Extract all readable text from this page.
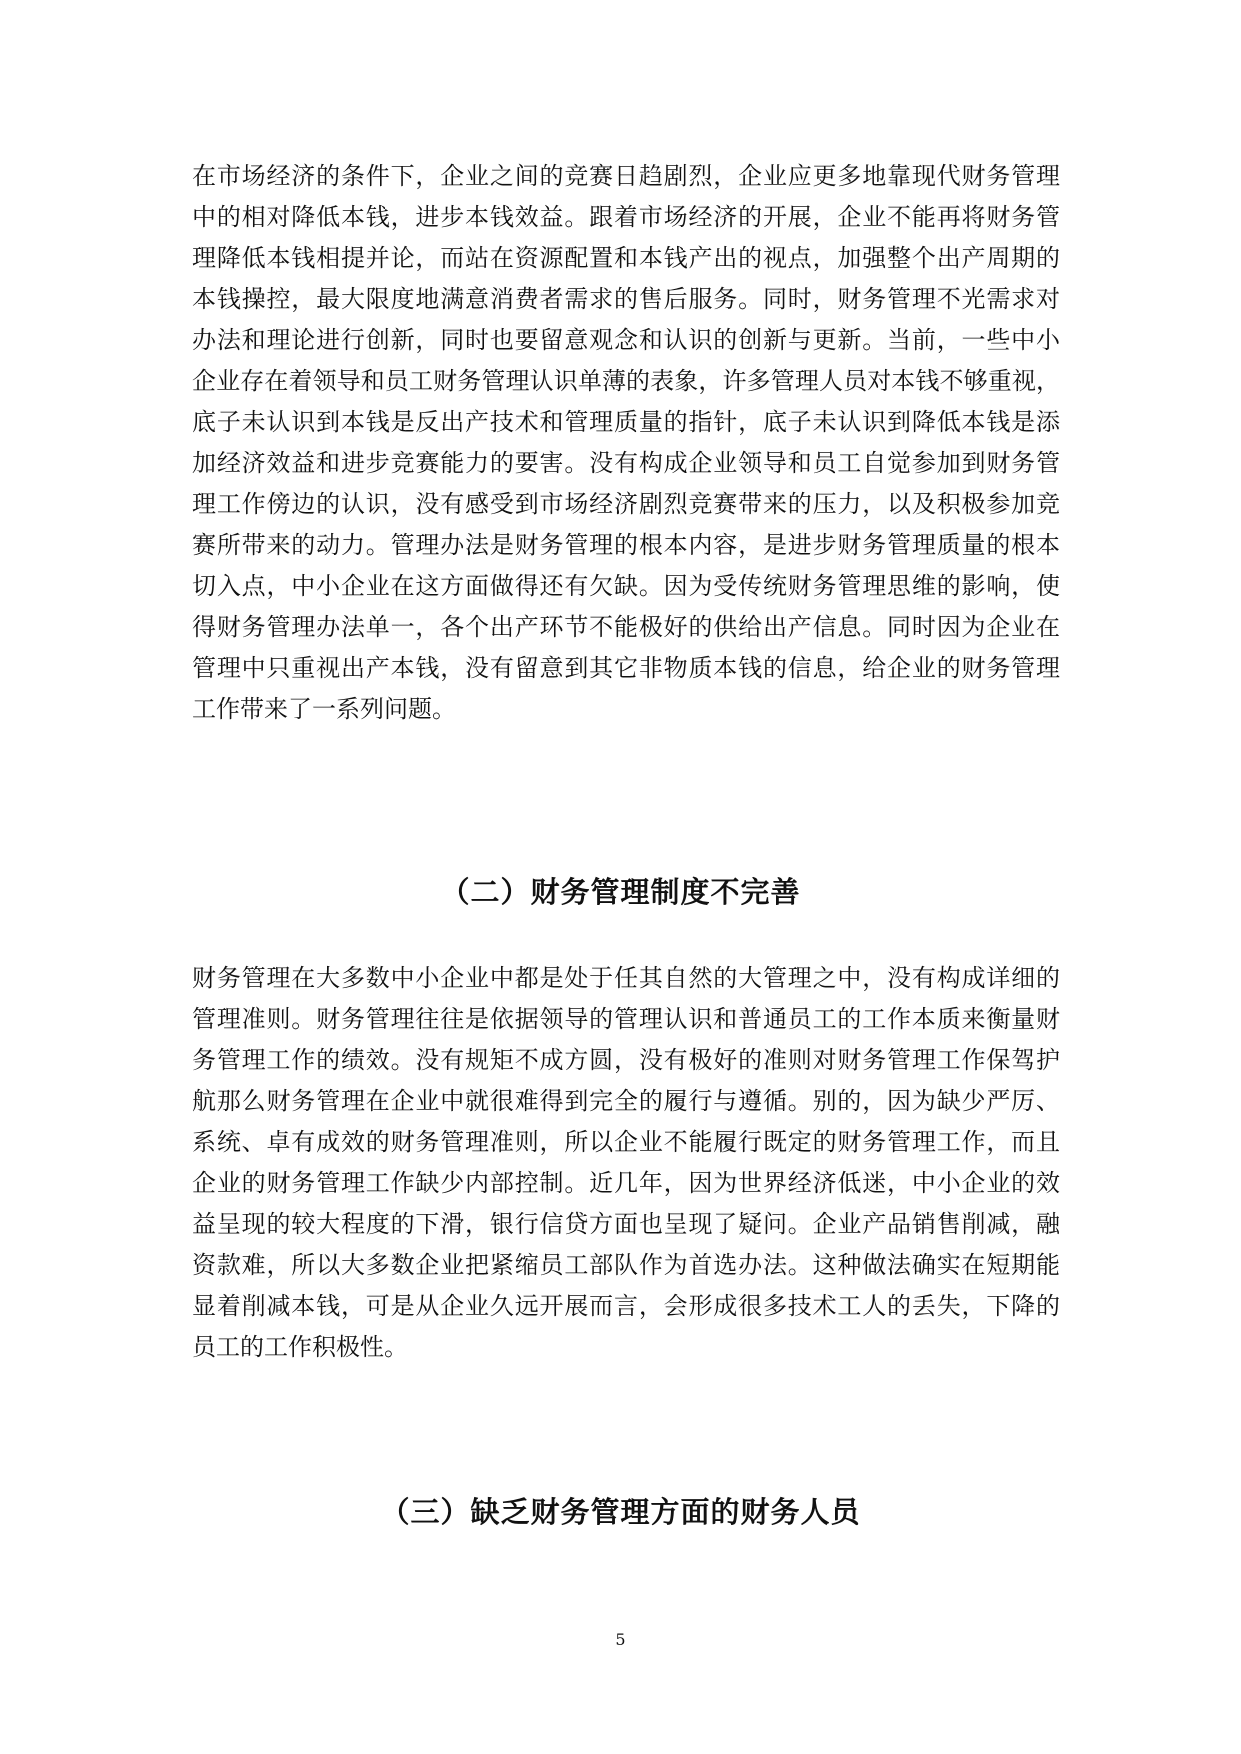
在市场经济的条件下，企业之间的竞赛日趋剧烈，企业应更多地靠现代财务管理
中的相对降低本钱，进步本钱效益。跟着市场经济的开展，企业不能再将财务管
理降低本钱相提并论，而站在资源配置和本钱产出的视点，加强整个出产周期的
本钱操控，最大限度地满意消费者需求的售后服务。同时，财务管理不光需求对
办法和理论进行创新，同时也要留意观念和认识的创新与更新。当前，一些中小
企业存在着领导和员工财务管理认识单薄的表象，许多管理人员对本钱不够重视，
底子未认识到本钱是反出产技术和管理质量的指针，底子未认识到降低本钱是添
加经济效益和进步竞赛能力的要害。没有构成企业领导和员工自觉参加到财务管
理工作傍边的认识，没有感受到市场经济剧烈竞赛带来的压力，以及积极参加竞
赛所带来的动力。管理办法是财务管理的根本内容，是进步财务管理质量的根本
切入点，中小企业在这方面做得还有欠缺。因为受传统财务管理思维的影响，使
得财务管理办法单一，各个出产环节不能极好的供给出产信息。同时因为企业在
管理中只重视出产本钱，没有留意到其它非物质本钱的信息，给企业的财务管理
工作带来了一系列问题。
（二）财务管理制度不完善
财务管理在大多数中小企业中都是处于任其自然的大管理之中，没有构成详细的
管理准则。财务管理往往是依据领导的管理认识和普通员工的工作本质来衡量财
务管理工作的绩效。没有规矩不成方圆，没有极好的准则对财务管理工作保驾护
航那么财务管理在企业中就很难得到完全的履行与遵循。别的，因为缺少严厉、
系统、卓有成效的财务管理准则，所以企业不能履行既定的财务管理工作，而且
企业的财务管理工作缺少内部控制。近几年，因为世界经济低迷，中小企业的效
益呈现的较大程度的下滑，银行信贷方面也呈现了疑问。企业产品销售削减，融
资款难，所以大多数企业把紧缩员工部队作为首选办法。这种做法确实在短期能
显着削减本钱，可是从企业久远开展而言，会形成很多技术工人的丢失，下降的
员工的工作积极性。
（三）缺乏财务管理方面的财务人员
5
